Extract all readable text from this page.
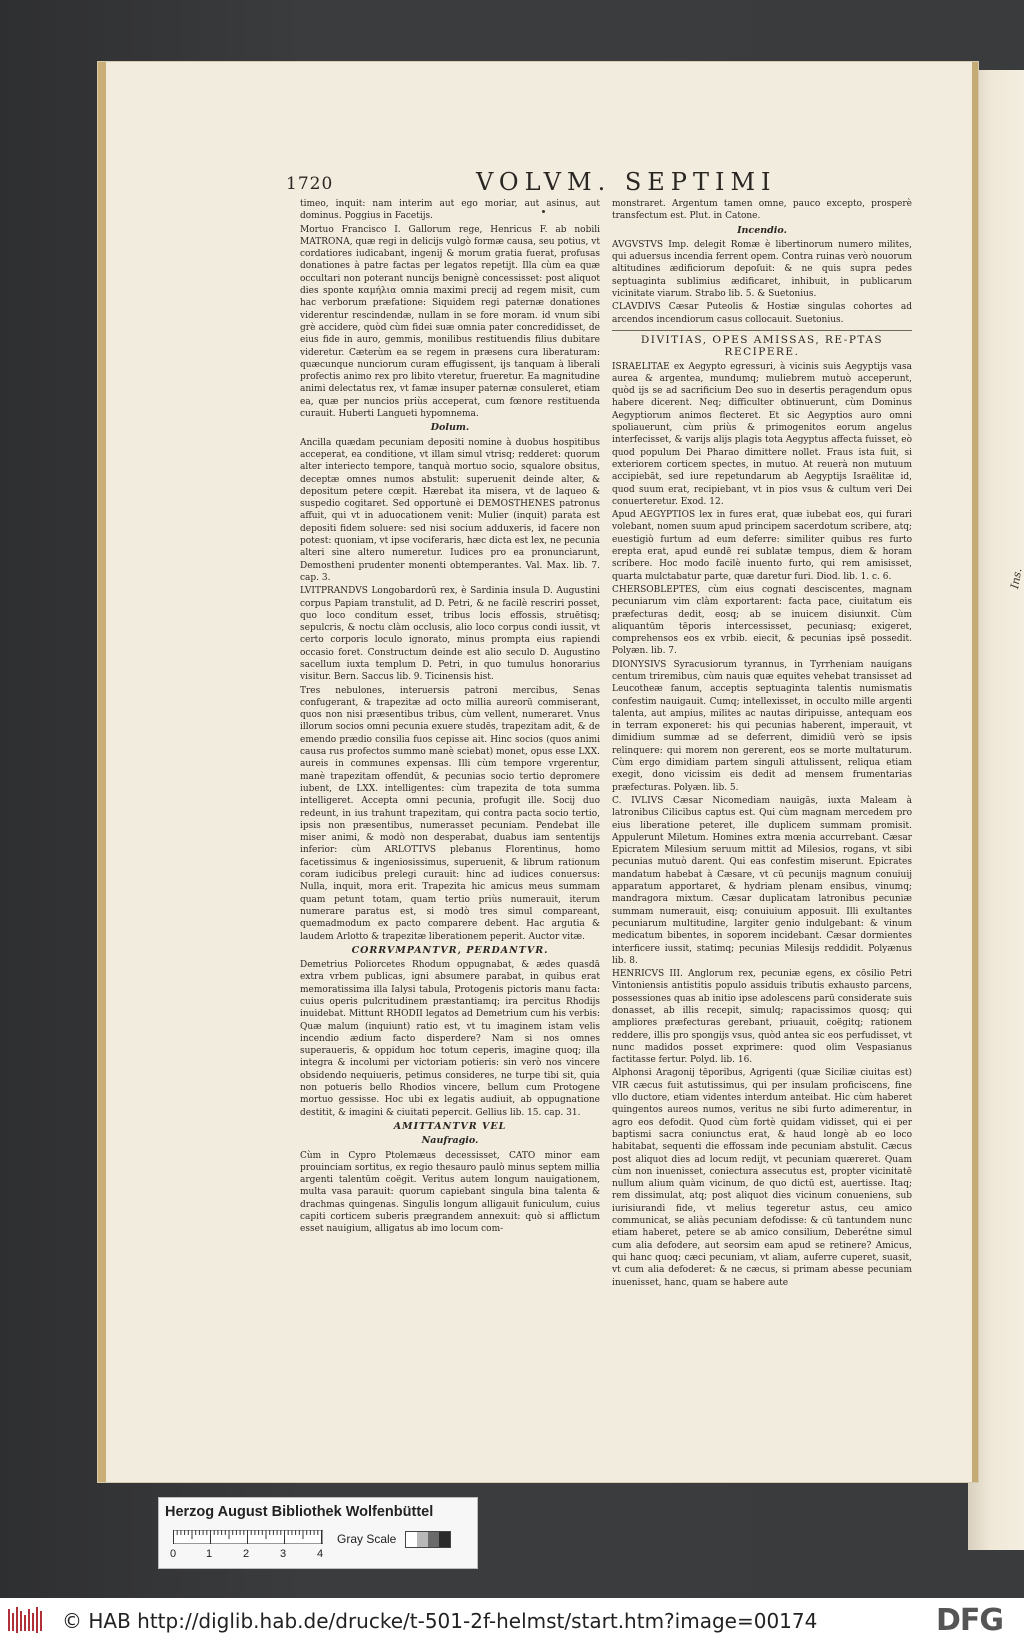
1720	VOLVM. SEPTIMI

timeo, inquit: nam interim aut ego moriar, aut asinus, aut dominus. Poggius in Facetijs.

Mortuo Francisco I. Gallorum rege, Henricus F. ab nobili MATRONA, quæ regi in delicijs vulgò formæ causa, seu potius, vt cordatiores iudicabant, ingenij & morum gratia fuerat, profusas donationes à patre factas per legatos repetijt. Illa cùm ea quæ occultari non poterant nuncijs benignè concessisset: post aliquot dies sponte καμήλια omnia maximi precij ad regem misit, cum hac verborum præfatione: Siquidem regi paternæ donationes viderentur rescindendæ, nullam in se fore moram. id vnum sibi grè accidere, quòd cùm fidei suæ omnia pater concredidisset, de eius fide in auro, gemmis, monilibus restituendis filius dubitare videretur. Cæterùm ea se regem in præsens cura liberaturam: quæcunque nunciorum curam effugissent, ijs tanquam à liberali profectis animo rex pro libito vteretur, frueretur. Ea magnitudine animi delectatus rex, vt famæ insuper paternæ consuleret, etiam ea, quæ per nuncios priùs acceperat, cum fœnore restituenda curauit. Huberti Langueti hypomnema.

Dolum.

Ancilla quædam pecuniam depositi nomine à duobus hospitibus acceperat, ea conditione, vt illam simul vtrisq; redderet: quorum alter interiecto tempore, tanquà mortuo socio, squalore obsitus, deceptæ omnes numos abstulit: superuenit deinde alter, & depositum petere cœpit. Hærebat ita misera, vt de laqueo & suspedio cogitaret. Sed opportunè ei DEMOSTHENES patronus affuit, qui vt in aduocationem venit: Mulier (inquit) parata est depositi fidem soluere: sed nisi socium adduxeris, id facere non potest: quoniam, vt ipse vociferaris, hæc dicta est lex, ne pecunia alteri sine altero numeretur. Iudices pro ea pronunciarunt, Demostheni prudenter monenti obtemperantes. Val. Max. lib. 7. cap. 3.

LVITPRANDVS Longobardorū rex, è Sardinia insula D. Augustini corpus Papiam transtulit, ad D. Petri, & ne facilè rescriri posset, quo loco conditum esset, tribus locis effossis, struētisq; sepulcris, & noctu clàm occlusis, alio loco corpus condi iussit, vt certo corporis loculo ignorato, minus prompta eius rapiendi occasio foret. Constructum deinde est alio seculo D. Augustino sacellum iuxta templum D. Petri, in quo tumulus honorarius visitur. Bern. Saccus lib. 9. Ticinensis hist.

Tres nebulones, interuersis patroni mercibus, Senas confugerant, & trapezitæ ad octo millia aureorū commiserant, quos non nisi præsentibus tribus, cùm vellent, numeraret. Vnus illorum socios omni pecunia exuere studēs, trapezitam adit, & de emendo prædio consilia fuos cepisse ait. Hinc socios (quos animi causa rus profectos summo manè sciebat) monet, opus esse LXX. aureis in communes expensas. Illi cùm tempore vrgerentur, manè trapezitam offendūt, & pecunias socio tertio depromere iubent, de LXX. intelligentes: cùm trapezita de tota summa intelligeret. Accepta omni pecunia, profugit ille. Socij duo redeunt, in ius trahunt trapezitam, qui contra pacta socio tertio, ipsis non præsentibus, numerasset pecuniam. Pendebat ille miser animi, & modò non desperabat, duabus iam sententijs inferior: cùm ARLOTTVS plebanus Florentinus, homo facetissimus & ingeniosissimus, superuenit, & librum rationum coram iudicibus prelegi curauit: hinc ad iudices conuersus: Nulla, inquit, mora erit. Trapezita hic amicus meus summam quam petunt totam, quam tertio priùs numerauit, iterum numerare paratus est, si modò tres simul compareant, quemadmodum ex pacto comparere debent. Hac argutia & laudem Arlotto & trapezitæ liberationem peperit. Auctor vitæ.

CORRVMPANTVR, PERDANTVR.

Demetrius Poliorcetes Rhodum oppugnabat, & ædes quasdā extra vrbem publicas, igni absumere parabat, in quibus erat memoratissima illa Ialysi tabula, Protogenis pictoris manu facta: cuius operis pulcritudinem præstantiamq; ira percitus Rhodijs inuidebat. Mittunt RHODII legatos ad Demetrium cum his verbis: Quæ malum (inquiunt) ratio est, vt tu imaginem istam velis incendio ædium facto disperdere? Nam si nos omnes superaueris, & oppidum hoc totum ceperis, imagine quoq; illa integra & incolumi per victoriam potieris: sin verò nos vincere obsidendo nequiueris, petimus consideres, ne turpe tibi sit, quia non potueris bello Rhodios vincere, bellum cum Protogene mortuo gessisse. Hoc ubi ex legatis audiuit, ab oppugnatione destitit, & imagini & ciuitati pepercit. Gellius lib. 15. cap. 31.

AMITTANTVR VEL
Naufragio.

Cùm in Cypro Ptolemæus decessisset, CATO minor eam prouinciam sortitus, ex regio thesauro paulò minus septem millia argenti talentūm coëgit. Veritus autem longum nauigationem, multa vasa parauit: quorum capiebant singula bina talenta & drachmas quingenas. Singulis longum alligauit funiculum, cuius capiti corticem suberis prægrandem annexuit: quò si afflictum esset nauigium, alligatus ab imo locum com-

monstraret. Argentum tamen omne, pauco excepto, prosperè transfectum est. Plut. in Catone.

Incendio.

AVGVSTVS Imp. delegit Romæ è libertinorum numero milites, qui aduersus incendia ferrent opem. Contra ruinas verò nouorum altitudines ædificiorum depoſuit: & ne quis supra pedes septuaginta sublimius ædificaret, inhibuit, in publicarum vicinitate viarum. Strabo lib. 5. & Suetonius.

CLAVDIVS Cæsar Puteolis & Hostiæ singulas cohortes ad arcendos incendiorum casus collocauit. Suetonius.

DIVITIAS, OPES AMISSAS, RE-PTAS RECIPERE.

ISRAELITAE ex Aegypto egressuri, à vicinis suis Aegyptijs vasa aurea & argentea, mundumq; muliebrem mutuò acceperunt, quòd ijs se ad sacrificium Deo suo in desertis peragendum opus habere dicerent. Neq; difficulter obtinuerunt, cùm Dominus Aegyptiorum animos flecteret. Et sic Aegyptios auro omni spoliauerunt, cùm priùs & primogenitos eorum angelus interfecisset, & varijs alijs plagis tota Aegyptus affecta fuisset, eò quod populum Dei Pharao dimittere nollet. Fraus ista fuit, si exteriorem corticem spectes, in mutuo. At reuerà non mutuum accipiebāt, sed iure repetundarum ab Aegyptijs Israëlitæ id, quod suum erat, recipiebant, vt in pios vsus & cultum veri Dei conuerteretur. Exod. 12.

Apud AEGYPTIOS lex in fures erat, quæ iubebat eos, qui furari volebant, nomen suum apud principem sacerdotum scribere, atq; euestigiò furtum ad eum deferre: similiter quibus res furto erepta erat, apud eundē rei sublatæ tempus, diem & horam scribere. Hoc modo facilè inuento furto, qui rem amisisset, quarta mulctabatur parte, quæ daretur furi. Diod. lib. 1. c. 6.

CHERSOBLEPTES, cùm eius cognati desciscentes, magnam pecuniarum vim clàm exportarent: facta pace, ciuitatum eis præfecturas dedit, eosq; ab se inuicem disiunxit. Cùm aliquantūm tēporis intercessisset, pecuniasq; exigeret, comprehensos eos ex vrbib. eiecit, & pecunias ipsē possedit. Polyæn. lib. 7.

DIONYSIVS Syracusiorum tyrannus, in Tyrrheniam nauigans centum triremibus, cùm nauis quæ equites vehebat transisset ad Leucotheæ fanum, acceptis septuaginta talentis numismatis confestim nauigauit. Cumq; intellexisset, in occulto mille argenti talenta, aut ampius, milites ac nautas diripuisse, antequam eos in terram exponeret: his qui pecunias haberent, imperauit, vt dimidium summæ ad se deferrent, dimidiū verò se ipsis relinquere: qui morem non gererent, eos se morte multaturum. Cùm ergo dimidiam partem singuli attulissent, reliqua etiam exegit, dono vicissim eis dedit ad mensem frumentarias præfecturas. Polyæn. lib. 5.

C. IVLIVS Cæsar Nicomediam nauigās, iuxta Maleam à latronibus Cilicibus captus est. Qui cùm magnam mercedem pro eius liberatione peteret, ille duplicem summam promisit. Appulerunt Miletum. Homines extra mœnia accurrebant. Cæsar Epicratem Milesium seruum mittit ad Milesios, rogans, vt sibi pecunias mutuò darent. Qui eas confestim miserunt. Epicrates mandatum habebat à Cæsare, vt cū pecunijs magnum conuiuij apparatum apportaret, & hydriam plenam ensibus, vinumq; mandragora mixtum. Cæsar duplicatam latronibus pecuniæ summam numerauit, eisq; conuiuium apposuit. Illi exultantes pecuniarum multitudine, largiter genio indulgebant: & vinum medicatum bibentes, in soporem incidebant. Cæsar dormientes interficere iussit, statimq; pecunias Milesijs reddidit. Polyænus lib. 8.

HENRICVS III. Anglorum rex, pecuniæ egens, ex cōsilio Petri Vintoniensis antistitis populo assiduis tributis exhausto parcens, possessiones quas ab initio ipse adolescens parū considerate suis donasset, ab illis recepit, simulq; rapacissimos quosq; qui ampliores præfecturas gerebant, priuauit, coëgitq; rationem reddere, illis pro spongijs vsus, quòd antea sic eos perfudisset, vt nunc madidos posset exprimere: quod olim Vespasianus factitasse fertur. Polyd. lib. 16.

Alphonsi Aragonij tēporibus, Agrigenti (quæ Siciliæ ciuitas est) VIR cæcus fuit astutissimus, qui per insulam proficiscens, fine vllo ductore, etiam videntes interdum anteibat. Hic cùm haberet quingentos aureos numos, veritus ne sibi furto adimerentur, in agro eos defodit. Quod cùm fortè quidam vidisset, qui ei per baptismi sacra coniunctus erat, & haud longè ab eo loco habitabat, sequenti die effossam inde pecuniam abstulit. Cæcus post aliquot dies ad locum redijt, vt pecuniam quæreret. Quam cùm non inuenisset, coniectura assecutus est, propter vicinitatē nullum alium quàm vicinum, de quo dictū est, auertisse. Itaq; rem dissimulat, atq; post aliquot dies vicinum conueniens, sub iurisiurandi fide, vt melius tegeretur astus, ceu amico communicat, se aliàs pecuniam defodisse: & cū tantundem nunc etiam haberet, petere se ab amico consilium, Deberétne simul cum alia defodere, aut seorsim eam apud se retinere? Amicus, qui hanc quoq; cæci pecuniam, vt aliam, auferre cuperet, suasit, vt cum alia defoderet: & ne cæcus, si primam abesse pecuniam inuenisset, hanc, quam se habere aute

Ins.
Herzog August Bibliothek Wolfenbüttel
0	1	2	3	4
Gray Scale
© HAB http://diglib.hab.de/drucke/t-501-2f-helmst/start.htm?image=00174	DFG
